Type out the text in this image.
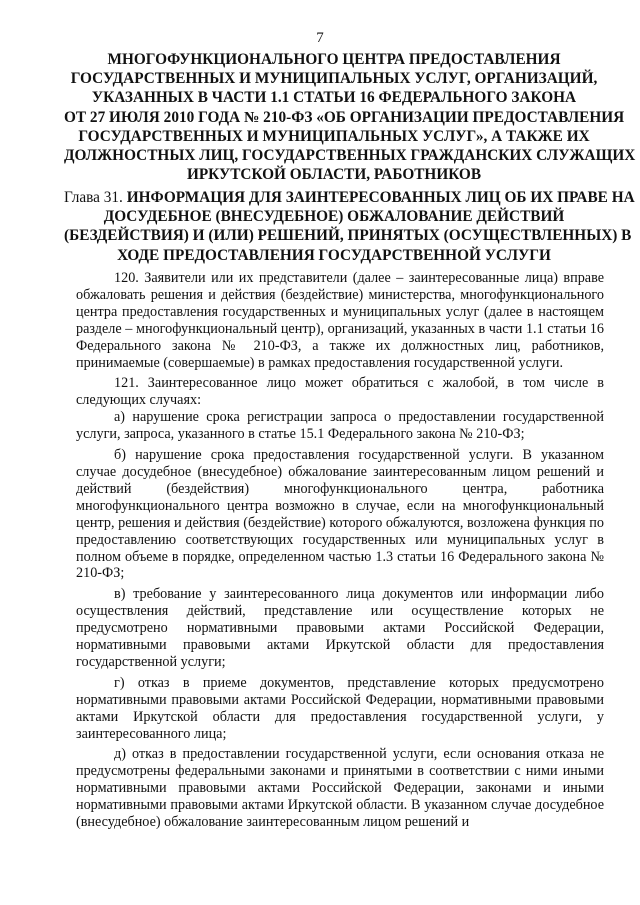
7
МНОГОФУНКЦИОНАЛЬНОГО ЦЕНТРА ПРЕДОСТАВЛЕНИЯ
ГОСУДАРСТВЕННЫХ И МУНИЦИПАЛЬНЫХ УСЛУГ, ОРГАНИЗАЦИЙ,
УКАЗАННЫХ В ЧАСТИ 1.1 СТАТЬИ 16 ФЕДЕРАЛЬНОГО ЗАКОНА
ОТ 27 ИЮЛЯ 2010 ГОДА № 210-ФЗ «ОБ ОРГАНИЗАЦИИ ПРЕДОСТАВЛЕНИЯ
ГОСУДАРСТВЕННЫХ И МУНИЦИПАЛЬНЫХ УСЛУГ», А ТАКЖЕ ИХ
ДОЛЖНОСТНЫХ ЛИЦ, ГОСУДАРСТВЕННЫХ ГРАЖДАНСКИХ СЛУЖАЩИХ
ИРКУТСКОЙ ОБЛАСТИ, РАБОТНИКОВ
Глава 31. ИНФОРМАЦИЯ ДЛЯ ЗАИНТЕРЕСОВАННЫХ ЛИЦ ОБ ИХ ПРАВЕ НА
ДОСУДЕБНОЕ (ВНЕСУДЕБНОЕ) ОБЖАЛОВАНИЕ ДЕЙСТВИЙ
(БЕЗДЕЙСТВИЯ) И (ИЛИ) РЕШЕНИЙ, ПРИНЯТЫХ (ОСУЩЕСТВЛЕННЫХ) В
ХОДЕ ПРЕДОСТАВЛЕНИЯ ГОСУДАРСТВЕННОЙ УСЛУГИ

120. Заявители или их представители (далее – заинтересованные лица) вправе обжаловать решения и действия (бездействие) министерства, многофункционального центра предоставления государственных и муниципальных услуг (далее в настоящем разделе – многофункциональный центр), организаций, указанных в части 1.1 статьи 16 Федерального закона № 210-ФЗ, а также их должностных лиц, работников, принимаемые (совершаемые) в рамках предоставления государственной услуги.

121. Заинтересованное лицо может обратиться с жалобой, в том числе в следующих случаях:

а) нарушение срока регистрации запроса о предоставлении государственной услуги, запроса, указанного в статье 15.1 Федерального закона № 210-ФЗ;

б) нарушение срока предоставления государственной услуги. В указанном случае досудебное (внесудебное) обжалование заинтересованным лицом решений и действий (бездействия) многофункционального центра, работника многофункционального центра возможно в случае, если на многофункциональный центр, решения и действия (бездействие) которого обжалуются, возложена функция по предоставлению соответствующих государственных или муниципальных услуг в полном объеме в порядке, определенном частью 1.3 статьи 16 Федерального закона № 210-ФЗ;

в) требование у заинтересованного лица документов или информации либо осуществления действий, представление или осуществление которых не предусмотрено нормативными правовыми актами Российской Федерации, нормативными правовыми актами Иркутской области для предоставления государственной услуги;

г) отказ в приеме документов, представление которых предусмотрено нормативными правовыми актами Российской Федерации, нормативными правовыми актами Иркутской области для предоставления государственной услуги, у заинтересованного лица;

д) отказ в предоставлении государственной услуги, если основания отказа не предусмотрены федеральными законами и принятыми в соответствии с ними иными нормативными правовыми актами Российской Федерации, законами и иными нормативными правовыми актами Иркутской области. В указанном случае досудебное (внесудебное) обжалование заинтересованным лицом решений и
